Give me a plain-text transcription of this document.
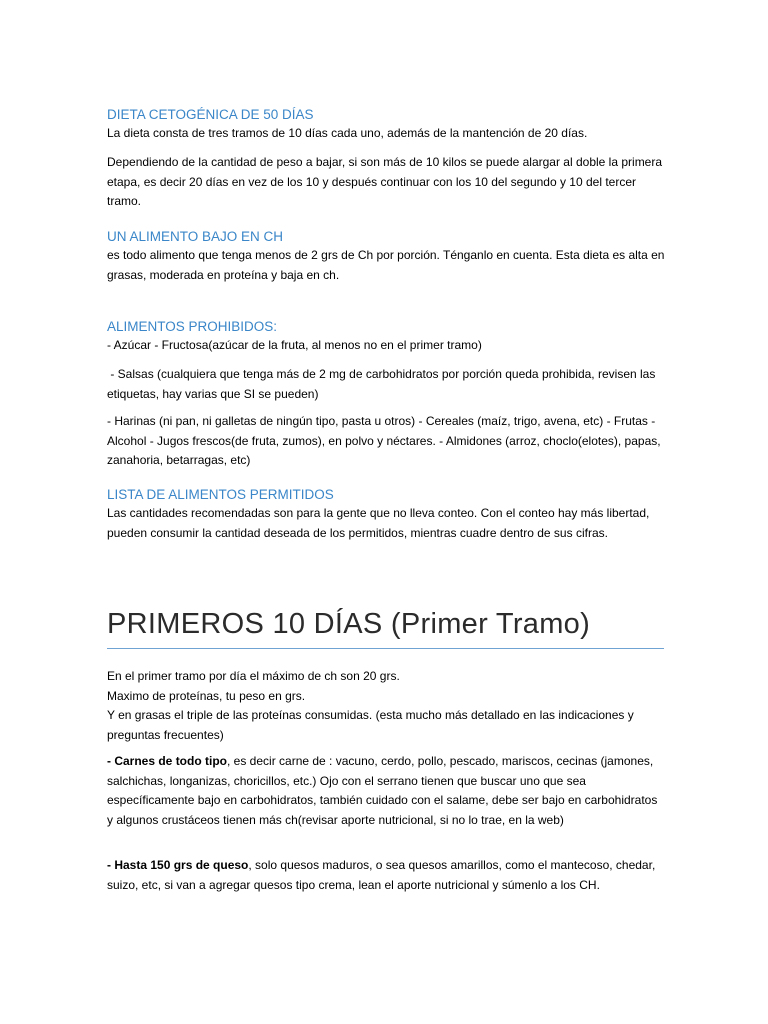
DIETA CETOGÉNICA DE 50 DÍAS
La dieta consta de tres tramos de 10 días cada uno, además de la mantención de 20 días.
Dependiendo de la cantidad de peso a bajar, si son más de 10 kilos se puede alargar al doble la primera etapa, es decir 20 días en vez de los 10 y después continuar con los 10 del segundo y 10 del tercer tramo.
UN ALIMENTO BAJO EN CH
es todo alimento que tenga menos de 2 grs de Ch por porción. Ténganlo en cuenta. Esta dieta es alta en grasas, moderada en proteína y baja en ch.
ALIMENTOS PROHIBIDOS:
- Azúcar - Fructosa(azúcar de la fruta, al menos no en el primer tramo)
- Salsas (cualquiera que tenga más de 2 mg de carbohidratos por porción queda prohibida, revisen las etiquetas, hay varias que SI se pueden)
- Harinas (ni pan, ni galletas de ningún tipo, pasta u otros) - Cereales (maíz, trigo, avena, etc) - Frutas - Alcohol - Jugos frescos(de fruta, zumos), en polvo y néctares. - Almidones (arroz, choclo(elotes), papas, zanahoria, betarragas, etc)
LISTA DE ALIMENTOS PERMITIDOS
Las cantidades recomendadas son para la gente que no lleva conteo. Con el conteo hay más libertad, pueden consumir la cantidad deseada de los permitidos, mientras cuadre dentro de sus cifras.
PRIMEROS 10 DÍAS (Primer Tramo)
En el primer tramo por día el máximo de ch son 20 grs.
Maximo de proteínas, tu peso en grs.
Y en grasas el triple de las proteínas consumidas. (esta mucho más detallado en las indicaciones y preguntas frecuentes)
- Carnes de todo tipo, es decir carne de : vacuno, cerdo, pollo, pescado, mariscos, cecinas (jamones, salchichas, longanizas, choricillos, etc.) Ojo con el serrano tienen que buscar uno que sea específicamente bajo en carbohidratos, también cuidado con el salame, debe ser bajo en carbohidratos y algunos crustáceos tienen más ch(revisar aporte nutricional, si no lo trae, en la web)
- Hasta 150 grs de queso, solo quesos maduros, o sea quesos amarillos, como el mantecoso, chedar, suizo, etc, si van a agregar quesos tipo crema, lean el aporte nutricional y súmenlo a los CH.
